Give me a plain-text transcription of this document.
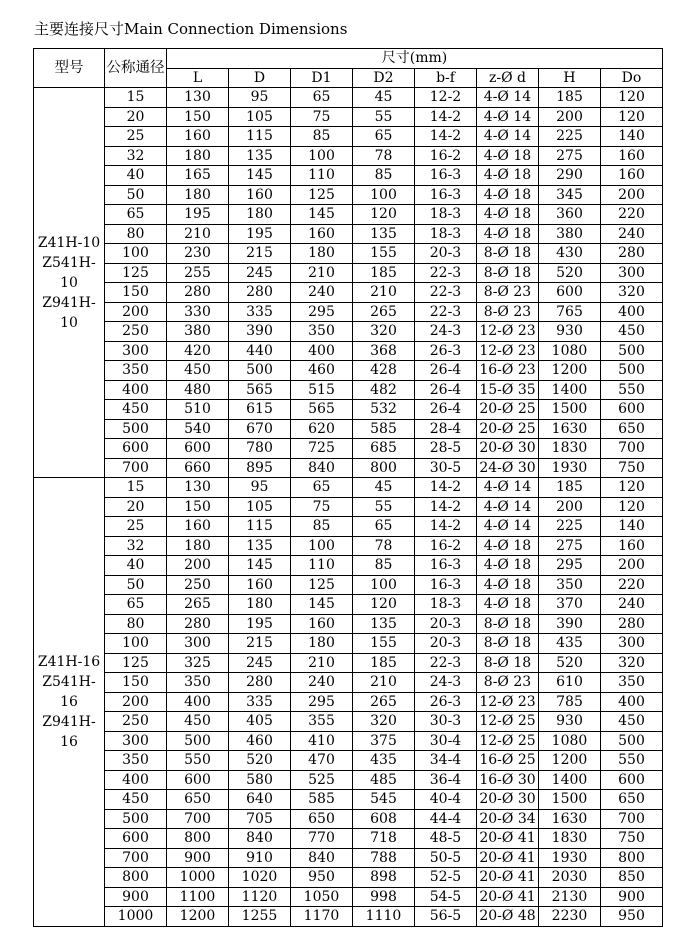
主要连接尺寸Main Connection Dimensions
型号	公称通径	尺寸(mm)							
		L	D	D1	D2	b-f	z-Ø d	H	Do

Z41H-10
Z541H-10
Z941H-10	15	130	95	65	45	12-2	4-Ø 14	185	120
	20	150	105	75	55	14-2	4-Ø 14	200	120
	25	160	115	85	65	14-2	4-Ø 14	225	140
	32	180	135	100	78	16-2	4-Ø 18	275	160
	40	165	145	110	85	16-3	4-Ø 18	290	160
	50	180	160	125	100	16-3	4-Ø 18	345	200
	65	195	180	145	120	18-3	4-Ø 18	360	220
	80	210	195	160	135	18-3	4-Ø 18	380	240
	100	230	215	180	155	20-3	8-Ø 18	430	280
	125	255	245	210	185	22-3	8-Ø 18	520	300
	150	280	280	240	210	22-3	8-Ø 23	600	320
	200	330	335	295	265	22-3	8-Ø 23	765	400
	250	380	390	350	320	24-3	12-Ø 23	930	450
	300	420	440	400	368	26-3	12-Ø 23	1080	500
	350	450	500	460	428	26-4	16-Ø 23	1200	500
	400	480	565	515	482	26-4	15-Ø 35	1400	550
	450	510	615	565	532	26-4	20-Ø 25	1500	600
	500	540	670	620	585	28-4	20-Ø 25	1630	650
	600	600	780	725	685	28-5	20-Ø 30	1830	700
	700	660	895	840	800	30-5	24-Ø 30	1930	750

Z41H-16
Z541H-16
Z941H-16	15	130	95	65	45	14-2	4-Ø 14	185	120
	20	150	105	75	55	14-2	4-Ø 14	200	120
	25	160	115	85	65	14-2	4-Ø 14	225	140
	32	180	135	100	78	16-2	4-Ø 18	275	160
	40	200	145	110	85	16-3	4-Ø 18	295	200
	50	250	160	125	100	16-3	4-Ø 18	350	220
	65	265	180	145	120	18-3	4-Ø 18	370	240
	80	280	195	160	135	20-3	8-Ø 18	390	280
	100	300	215	180	155	20-3	8-Ø 18	435	300
	125	325	245	210	185	22-3	8-Ø 18	520	320
	150	350	280	240	210	24-3	8-Ø 23	610	350
	200	400	335	295	265	26-3	12-Ø 23	785	400
	250	450	405	355	320	30-3	12-Ø 25	930	450
	300	500	460	410	375	30-4	12-Ø 25	1080	500
	350	550	520	470	435	34-4	16-Ø 25	1200	550
	400	600	580	525	485	36-4	16-Ø 30	1400	600
	450	650	640	585	545	40-4	20-Ø 30	1500	650
	500	700	705	650	608	44-4	20-Ø 34	1630	700
	600	800	840	770	718	48-5	20-Ø 41	1830	750
	700	900	910	840	788	50-5	20-Ø 41	1930	800
	800	1000	1020	950	898	52-5	20-Ø 41	2030	850
	900	1100	1120	1050	998	54-5	20-Ø 41	2130	900
	1000	1200	1255	1170	1110	56-5	20-Ø 48	2230	950
